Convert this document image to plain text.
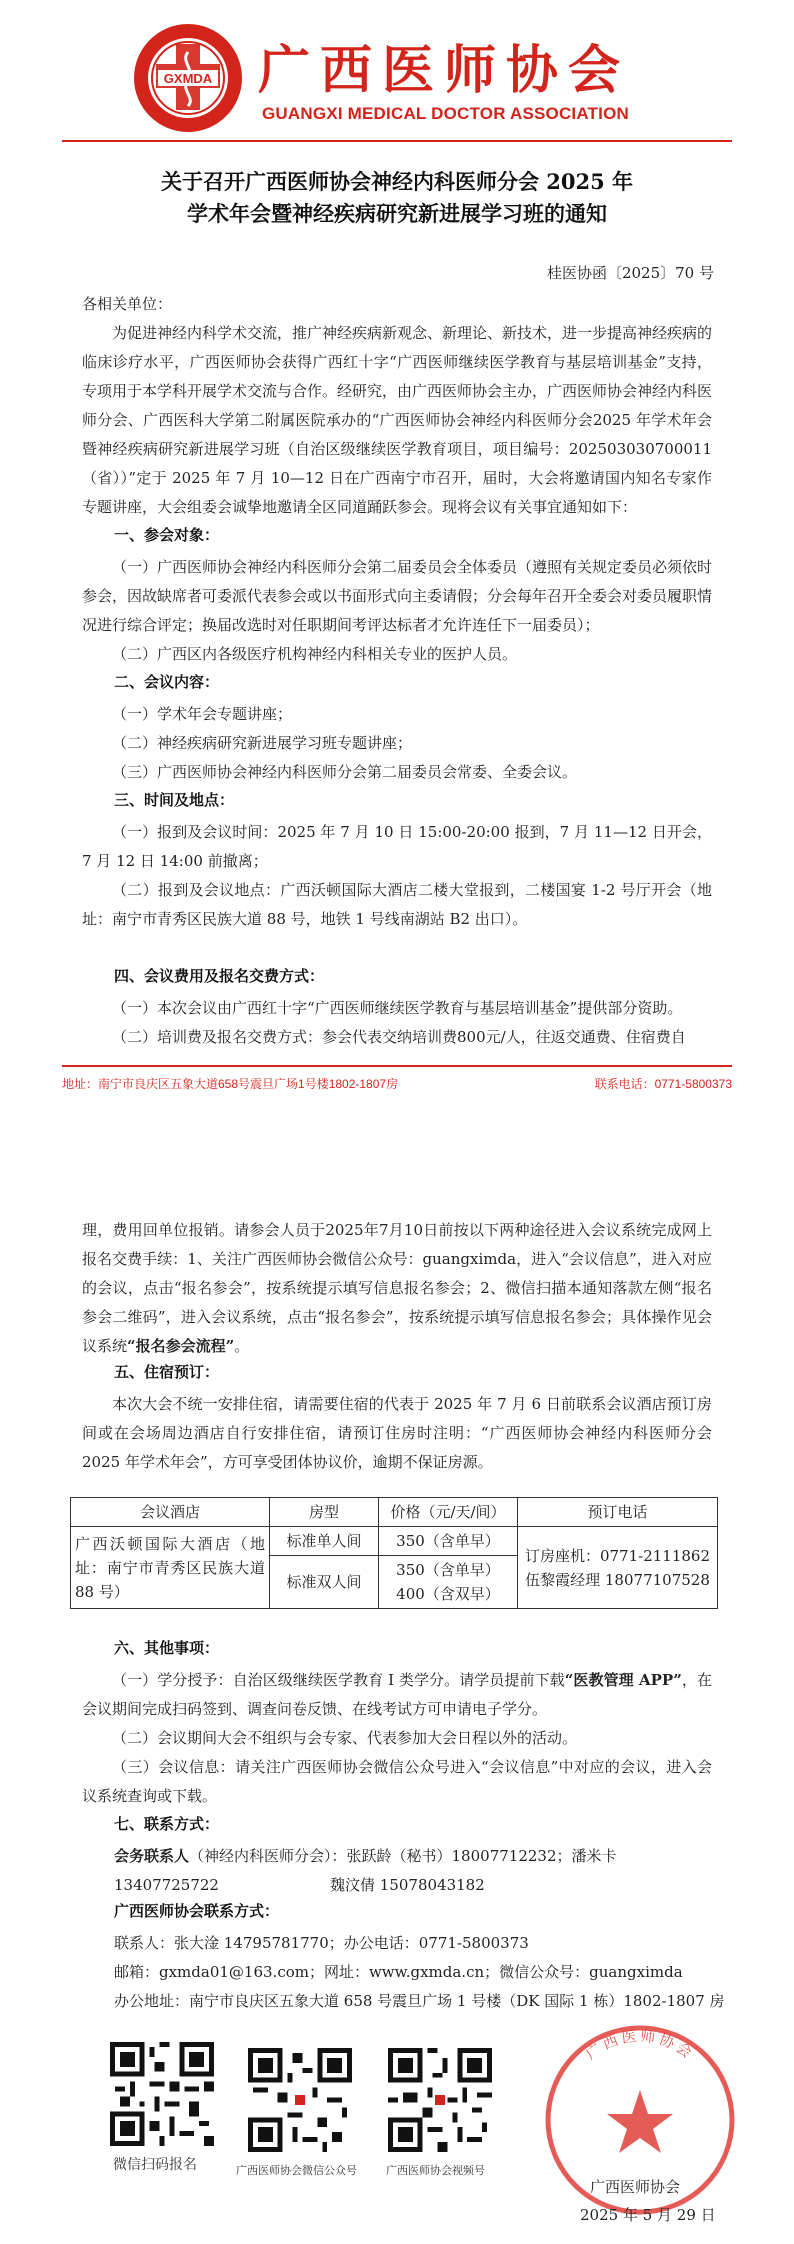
GXMDA 广西医师协会
GUANGXI MEDICAL DOCTOR ASSOCIATION
关于召开广西医师协会神经内科医师分会 2025 年
学术年会暨神经疾病研究新进展学习班的通知
桂医协函〔2025〕70 号
各相关单位：

为促进神经内科学术交流，推广神经疾病新观念、新理论、新技术，进一步提高神经疾病的临床诊疗水平，广西医师协会获得广西红十字“广西医师继续医学教育与基层培训基金”支持，专项用于本学科开展学术交流与合作。经研究，由广西医师协会主办，广西医师协会神经内科医师分会、广西医科大学第二附属医院承办的“广西医师协会神经内科医师分会2025 年学术年会暨神经疾病研究新进展学习班（自治区级继续医学教育项目，项目编号：202503030700011（省））”定于 2025 年 7 月 10—12 日在广西南宁市召开，届时，大会将邀请国内知名专家作专题讲座，大会组委会诚挚地邀请全区同道踊跃参会。现将会议有关事宜通知如下：

一、参会对象：
（一）广西医师协会神经内科医师分会第二届委员会全体委员（遵照有关规定委员必须依时参会，因故缺席者可委派代表参会或以书面形式向主委请假；分会每年召开全委会对委员履职情况进行综合评定；换届改选时对任职期间考评达标者才允许连任下一届委员）；
（二）广西区内各级医疗机构神经内科相关专业的医护人员。
二、会议内容：
（一）学术年会专题讲座；
（二）神经疾病研究新进展学习班专题讲座；
（三）广西医师协会神经内科医师分会第二届委员会常委、全委会议。
三、时间及地点：
（一）报到及会议时间：2025 年 7 月 10 日 15:00-20:00 报到，7 月 11—12 日开会，7 月 12 日 14:00 前撤离；
（二）报到及会议地点：广西沃顿国际大酒店二楼大堂报到，二楼国宴 1-2 号厅开会（地址：南宁市青秀区民族大道 88 号，地铁 1 号线南湖站 B2 出口）。
四、会议费用及报名交费方式：
（一）本次会议由广西红十字“广西医师继续医学教育与基层培训基金”提供部分资助。
（二）培训费及报名交费方式：参会代表交纳培训费800元/人，往返交通费、住宿费自
地址：南宁市良庆区五象大道658号震旦广场1号楼1802-1807房	联系电话：0771-5800373
理，费用回单位报销。请参会人员于2025年7月10日前按以下两种途径进入会议系统完成网上报名交费手续：1、关注广西医师协会微信公众号：guangximda，进入“会议信息”，进入对应的会议，点击“报名参会”，按系统提示填写信息报名参会；2、微信扫描本通知落款左侧“报名参会二维码”，进入会议系统，点击“报名参会”，按系统提示填写信息报名参会；具体操作见会议系统“报名参会流程”。
五、住宿预订：
本次大会不统一安排住宿，请需要住宿的代表于 2025 年 7 月 6 日前联系会议酒店预订房间或在会场周边酒店自行安排住宿，请预订住房时注明：“广西医师协会神经内科医师分会 2025 年学术年会”，方可享受团体协议价，逾期不保证房源。
会议酒店	房型	价格（元/天/间）	预订电话
广西沃顿国际大酒店（地址：南宁市青秀区民族大道 88 号）	标准单人间	350（含单早）	订房座机：0771-2111862
伍黎霞经理 18077107528

	标准双人间	350（含单早）
400（含双早）	
六、其他事项：
（一）学分授予：自治区级继续医学教育 I 类学分。请学员提前下载“医教管理 APP”，在会议期间完成扫码签到、调查问卷反馈、在线考试方可申请电子学分。
（二）会议期间大会不组织与会专家、代表参加大会日程以外的活动。
（三）会议信息：请关注广西医师协会微信公众号进入“会议信息”中对应的会议，进入会议系统查询或下载。
七、联系方式：
会务联系人（神经内科医师分会）：张跃龄（秘书）18007712232；潘米卡 13407725722	魏汶倩 15078043182
广西医师协会联系方式：
联系人：张大淦 14795781770；办公电话：0771-5800373
邮箱：gxmda01@163.com；网址：www.gxmda.cn；微信公众号：guangximda
办公地址：南宁市良庆区五象大道 658 号震旦广场 1 号楼（DK 国际 1 栋）1802-1807 房
微信扫码报名	广西医师协会微信公众号	广西医师协会视频号
广西医师协会
广西医师协会
2025 年 5 月 29 日
